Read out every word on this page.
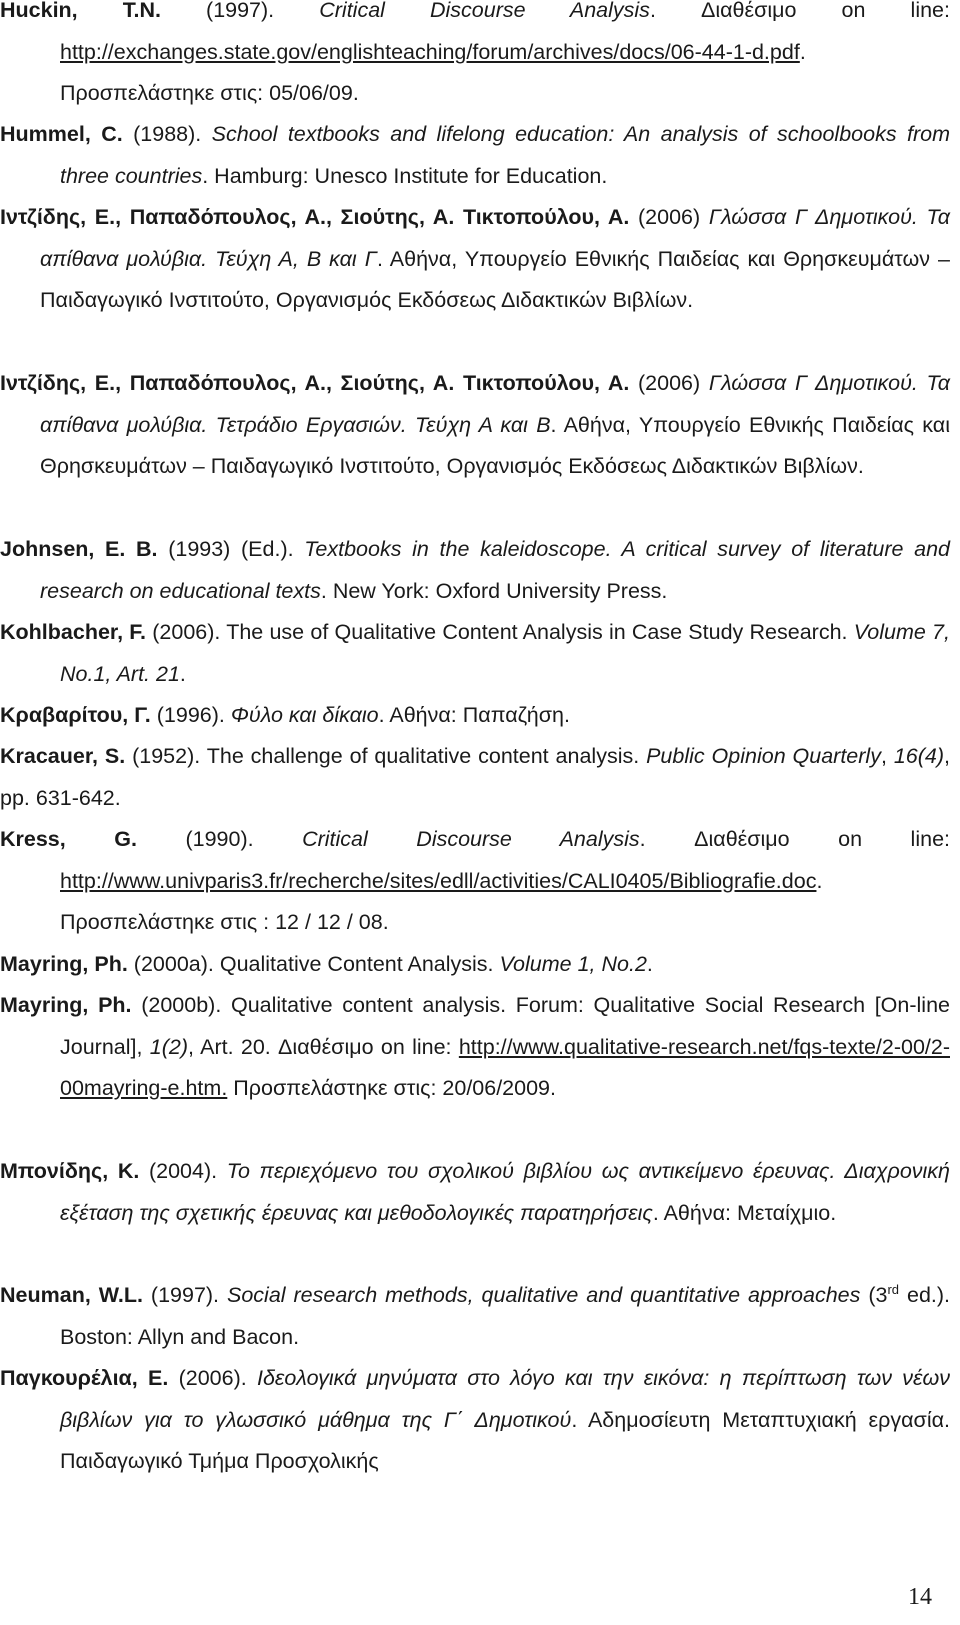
Huckin, T.N. (1997). Critical Discourse Analysis. Διαθέσιμο on line: http://exchanges.state.gov/englishteaching/forum/archives/docs/06-44-1-d.pdf. Προσπελάστηκε στις: 05/06/09.

Hummel, C. (1988). School textbooks and lifelong education: An analysis of schoolbooks from three countries. Hamburg: Unesco Institute for Education.

Ιντζίδης, Ε., Παπαδόπουλος, Α., Σιούτης, Α. Τικτοπούλου, Α. (2006) Γλώσσα Γ Δημοτικού. Τα απίθανα μολύβια. Τεύχη Α, Β και Γ. Αθήνα, Υπουργείο Εθνικής Παιδείας και Θρησκευμάτων – Παιδαγωγικό Ινστιτούτο, Οργανισμός Εκδόσεως Διδακτικών Βιβλίων.

Ιντζίδης, Ε., Παπαδόπουλος, Α., Σιούτης, Α. Τικτοπούλου, Α. (2006) Γλώσσα Γ Δημοτικού. Τα απίθανα μολύβια. Τετράδιο Εργασιών. Τεύχη Α και Β. Αθήνα, Υπουργείο Εθνικής Παιδείας και Θρησκευμάτων – Παιδαγωγικό Ινστιτούτο, Οργανισμός Εκδόσεως Διδακτικών Βιβλίων.

Johnsen, E. B. (1993) (Ed.). Textbooks in the kaleidoscope. A critical survey of literature and research on educational texts. New York: Oxford University Press.

Kohlbacher, F. (2006). The use of Qualitative Content Analysis in Case Study Research. Volume 7, No.1, Art. 21.

Κραβαρίτου, Γ. (1996). Φύλο και δίκαιο. Αθήνα: Παπαζήση.

Kracauer, S. (1952). The challenge of qualitative content analysis. Public Opinion Quarterly, 16(4), pp. 631-642.

Kress, G. (1990). Critical Discourse Analysis. Διαθέσιμο on line: http://www.univparis3.fr/recherche/sites/edll/activities/CALI0405/Bibliografie.doc. Προσπελάστηκε στις : 12 / 12 / 08.

Mayring, Ph. (2000a). Qualitative Content Analysis. Volume 1, No.2.

Mayring, Ph. (2000b). Qualitative content analysis. Forum: Qualitative Social Research [On-line Journal], 1(2), Art. 20. Διαθέσιμο on line: http://www.qualitative-research.net/fqs-texte/2-00/2-00mayring-e.htm. Προσπελάστηκε στις: 20/06/2009.

Μπονίδης, Κ. (2004). Το περιεχόμενο του σχολικού βιβλίου ως αντικείμενο έρευνας. Διαχρονική εξέταση της σχετικής έρευνας και μεθοδολογικές παρατηρήσεις. Αθήνα: Μεταίχμιο.

Neuman, W.L. (1997). Social research methods, qualitative and quantitative approaches (3rd ed.). Boston: Allyn and Bacon.

Παγκουρέλια, Ε. (2006). Ιδεολογικά μηνύματα στο λόγο και την εικόνα: η περίπτωση των νέων βιβλίων για το γλωσσικό μάθημα της Γ΄ Δημοτικού. Αδημοσίευτη Μεταπτυχιακή εργασία. Παιδαγωγικό Τμήμα Προσχολικής

14
